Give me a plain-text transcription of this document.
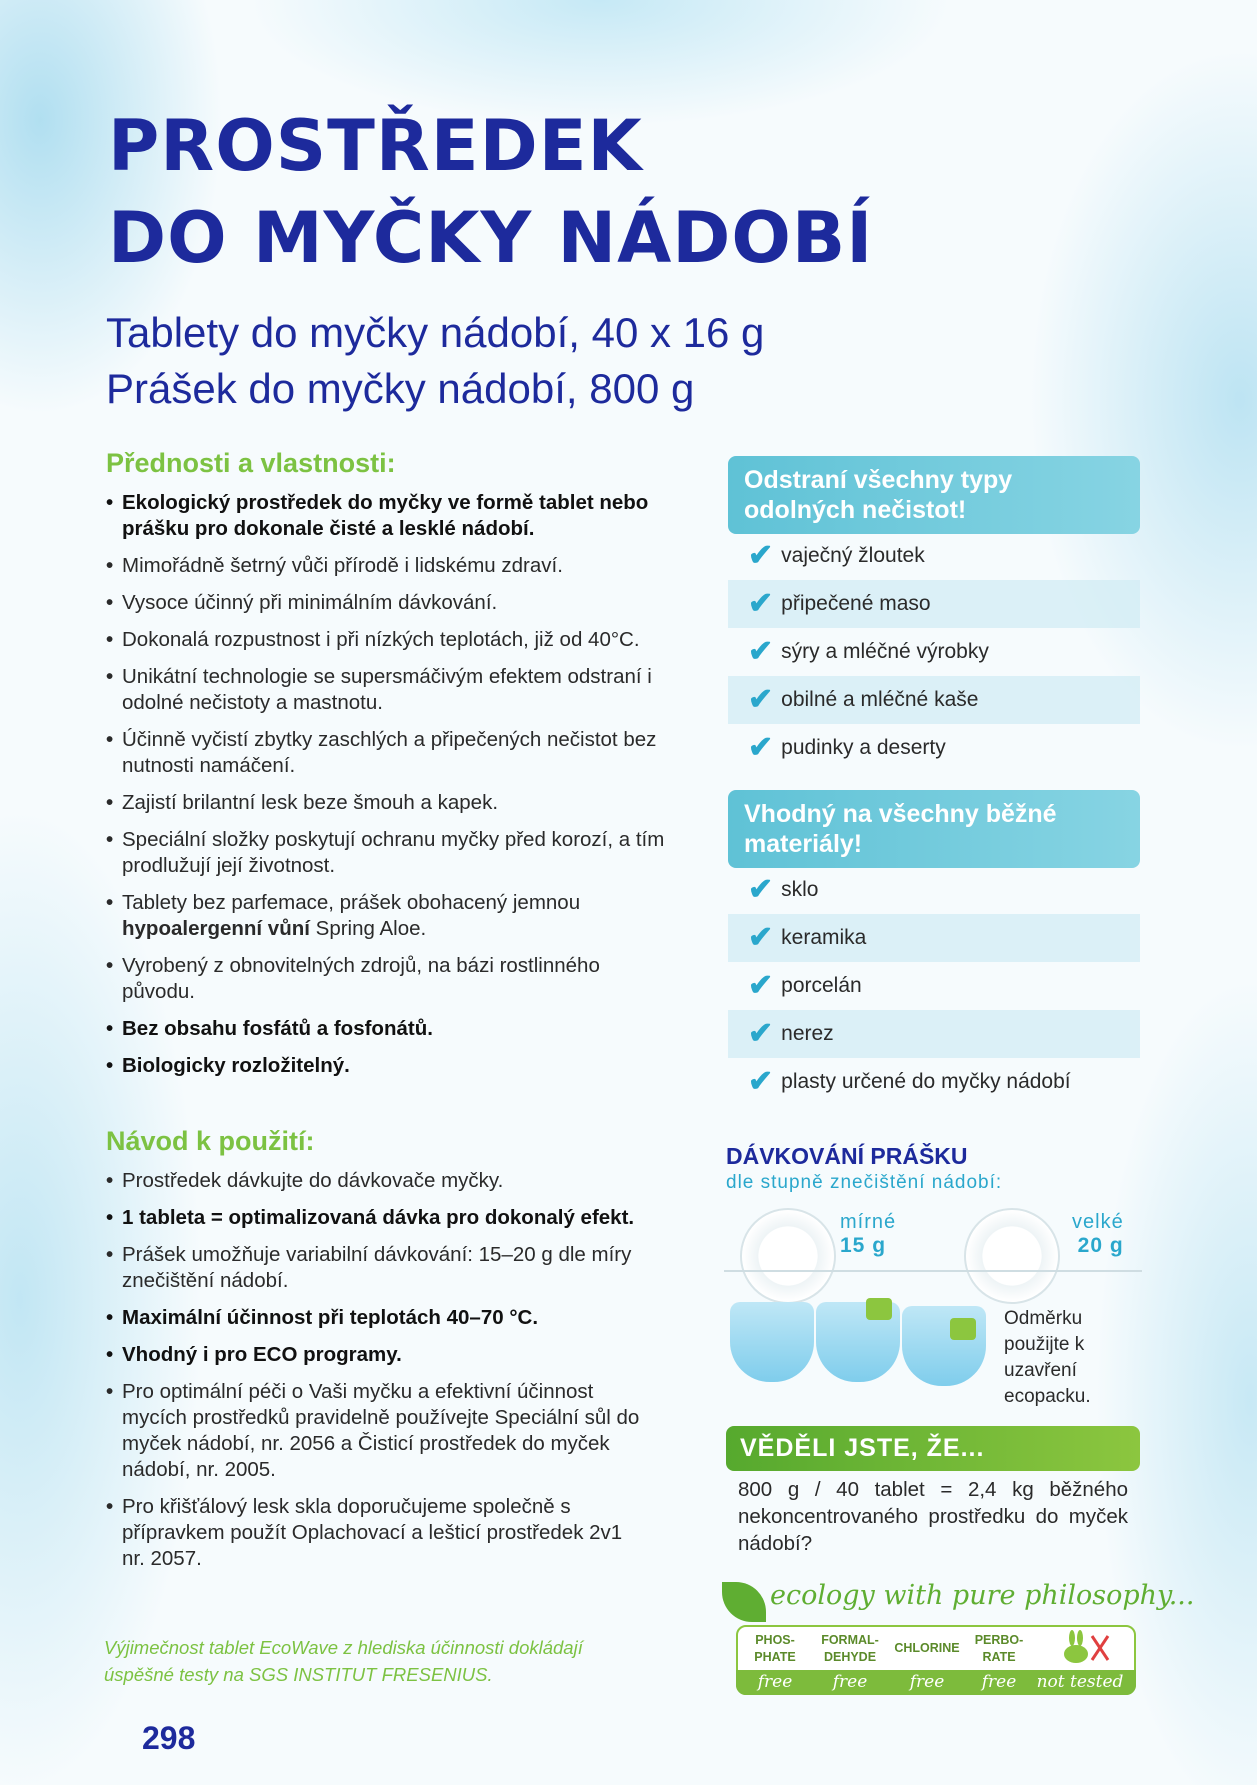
PROSTŘEDEK
DO MYČKY NÁDOBÍ
Tablety do myčky nádobí, 40 x 16 g
Prášek do myčky nádobí, 800 g
Přednosti a vlastnosti:
• Ekologický prostředek do myčky ve formě tablet nebo prášku pro dokonale čisté a lesklé nádobí.
• Mimořádně šetrný vůči přírodě i lidskému zdraví.
• Vysoce účinný při minimálním dávkování.
• Dokonalá rozpustnost i při nízkých teplotách, již od 40°C.
• Unikátní technologie se supersmáčivým efektem odstraní i odolné nečistoty a mastnotu.
• Účinně vyčistí zbytky zaschlých a připečených nečistot bez nutnosti namáčení.
• Zajistí brilantní lesk beze šmouh a kapek.
• Speciální složky poskytují ochranu myčky před korozí, a tím prodlužují její životnost.
• Tablety bez parfemace, prášek obohacený jemnou
hypoalergenní vůní Spring Aloe.
• Vyrobený z obnovitelných zdrojů, na bázi rostlinného původu.
• Bez obsahu fosfátů a fosfonátů.
• Biologicky rozložitelný.
Návod k použití:
• Prostředek dávkujte do dávkovače myčky.
• 1 tableta = optimalizovaná dávka pro dokonalý efekt.
• Prášek umožňuje variabilní dávkování: 15–20 g dle míry znečištění nádobí.
• Maximální účinnost při teplotách 40–70 °C.
• Vhodný i pro ECO programy.
• Pro optimální péči o Vaši myčku a efektivní účinnost mycích prostředků pravidelně používejte Speciální sůl do myček nádobí, nr. 2056 a Čisticí prostředek do myček nádobí, nr. 2005.
• Pro křišťálový lesk skla doporučujeme společně s přípravkem použít Oplachovací a lešticí prostředek 2v1 nr. 2057.
Výjimečnost tablet EcoWave z hlediska účinnosti dokládají úspěšné testy na SGS INSTITUT FRESENIUS.
298
Odstraní všechny typy odolných nečistot!
✔ vaječný žloutek
✔ připečené maso
✔ sýry a mléčné výrobky
✔ obilné a mléčné kaše
✔ pudinky a deserty
Vhodný na všechny běžné materiály!
✔ sklo
✔ keramika
✔ porcelán
✔ nerez
✔ plasty určené do myčky nádobí
DÁVKOVÁNÍ PRÁŠKU
dle stupně znečištění nádobí:
mírné
15 g
velké
20 g
Odměrku použijte k uzavření ecopacku.
VĚDĚLI JSTE, ŽE...
800 g / 40 tablet = 2,4 kg běžného nekoncentrovaného prostředku do myček nádobí?
ecology with pure philosophy...
PHOS-
PHATE
free
FORMAL-
DEHYDE
free
CHLORINE
free
PERBO-
RATE
free	not tested
